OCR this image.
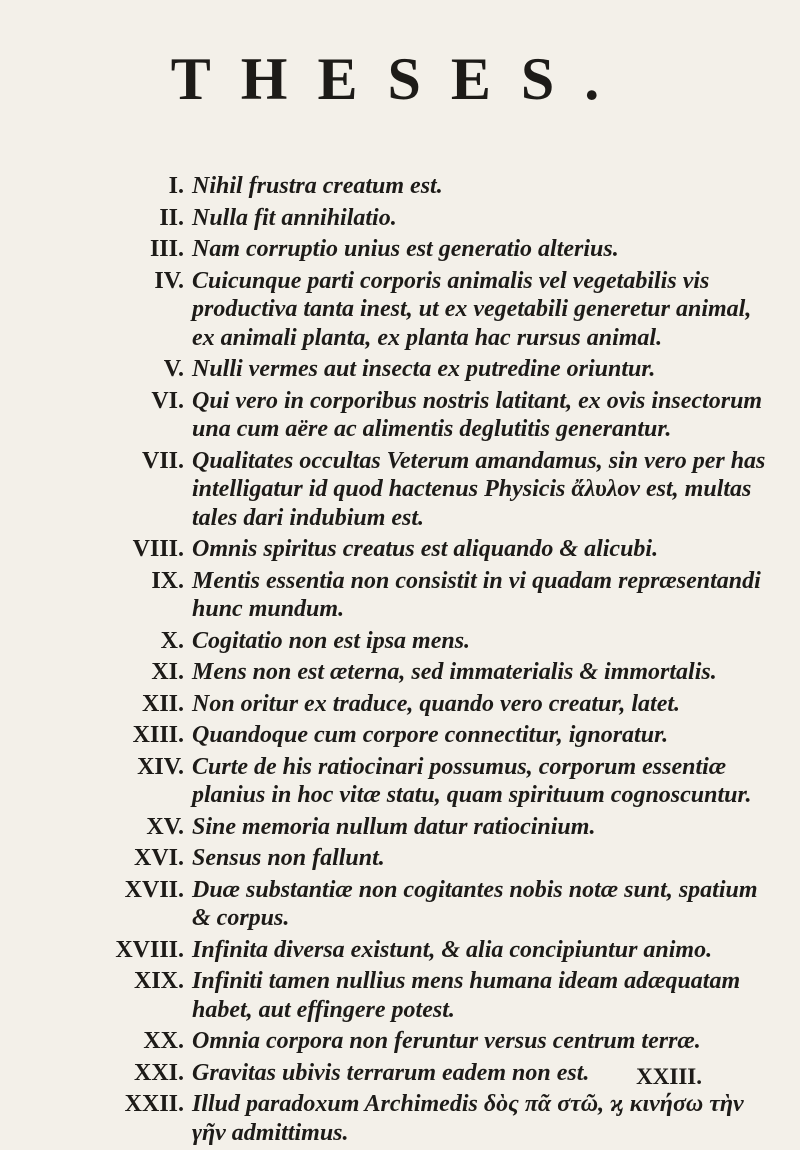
THESES.
I. Nihil frustra creatum est.
II. Nulla fit annihilatio.
III. Nam corruptio unius est generatio alterius.
IV. Cuicunque parti corporis animalis vel vegetabilis vis productiva tanta inest, ut ex vegetabili generetur animal, ex animali planta, ex planta hac rursus animal.
V. Nulli vermes aut insecta ex putredine oriuntur.
VI. Qui vero in corporibus nostris latitant, ex ovis insectorum una cum aëre ac alimentis deglutitis generantur.
VII. Qualitates occultas Veterum amandamus, sin vero per has intelligatur id quod hactenus Physicis ἄλυλον est, multas tales dari indubium est.
VIII. Omnis spiritus creatus est aliquando & alicubi.
IX. Mentis essentia non consistit in vi quadam repræsentandi hunc mundum.
X. Cogitatio non est ipsa mens.
XI. Mens non est æterna, sed immaterialis & immortalis.
XII. Non oritur ex traduce, quando vero creatur, latet.
XIII. Quandoque cum corpore connectitur, ignoratur.
XIV. Curte de his ratiocinari possumus, corporum essentiæ planius in hoc vitæ statu, quam spirituum cognoscuntur.
XV. Sine memoria nullum datur ratiocinium.
XVI. Sensus non fallunt.
XVII. Duæ substantiæ non cogitantes nobis notæ sunt, spatium & corpus.
XVIII. Infinita diversa existunt, & alia concipiuntur animo.
XIX. Infiniti tamen nullius mens humana ideam adæquatam habet, aut effingere potest.
XX. Omnia corpora non feruntur versus centrum terræ.
XXI. Gravitas ubivis terrarum eadem non est.
XXII. Illud paradoxum Archimedis δὸς πᾶ στῶ, ϗ κινήσω τὴν γῆν admittimus.
XXIII.
